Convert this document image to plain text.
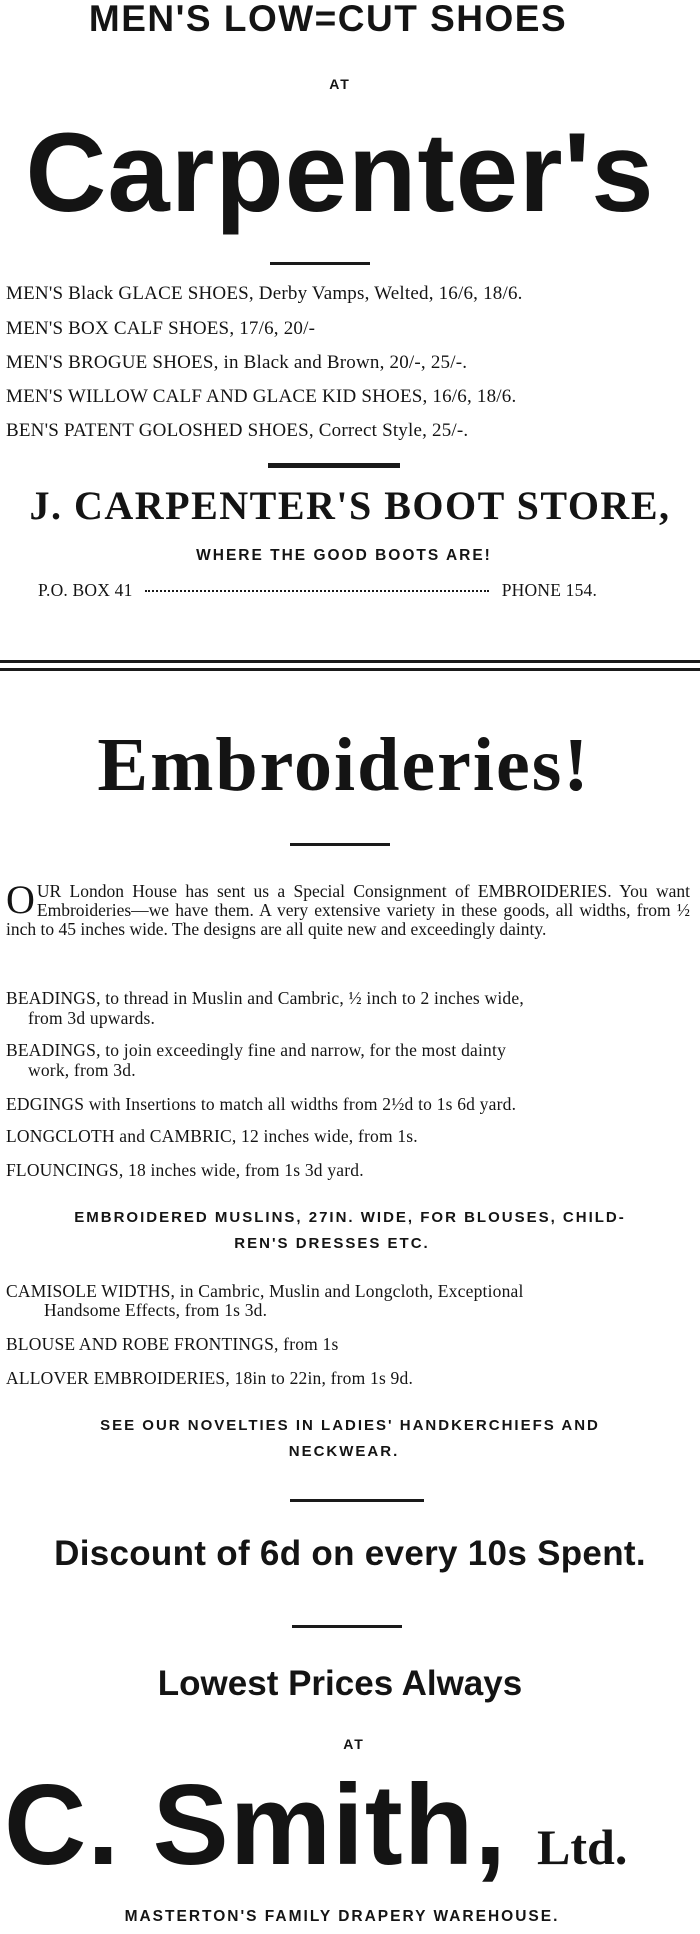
MEN'S LOW=CUT SHOES
AT
Carpenter's
MEN'S Black GLACE SHOES, Derby Vamps, Welted, 16/6, 18/6.
MEN'S BOX CALF SHOES, 17/6, 20/-
MEN'S BROGUE SHOES, in Black and Brown, 20/-, 25/-.
MEN'S WILLOW CALF AND GLACE KID SHOES, 16/6, 18/6.
BEN'S PATENT GOLOSHED SHOES, Correct Style, 25/-.
J. CARPENTER'S BOOT STORE,
WHERE THE GOOD BOOTS ARE!
P.O. BOX 41	PHONE 154.
Embroideries!
OUR London House has sent us a Special Consignment of EMBROIDERIES. You want Embroideries—we have them. A very extensive variety in these goods, all widths, from ½ inch to 45 inches wide. The designs are all quite new and exceedingly dainty.
BEADINGS, to thread in Muslin and Cambric, ½ inch to 2 inches wide,
from 3d upwards.
BEADINGS, to join exceedingly fine and narrow, for the most dainty
work, from 3d.
EDGINGS with Insertions to match all widths from 2½d to 1s 6d yard.
LONGCLOTH and CAMBRIC, 12 inches wide, from 1s.
FLOUNCINGS, 18 inches wide, from 1s 3d yard.
EMBROIDERED MUSLINS, 27IN. WIDE, FOR BLOUSES, CHILD-
REN'S DRESSES ETC.
CAMISOLE WIDTHS, in Cambric, Muslin and Longcloth, Exceptional
Handsome Effects, from 1s 3d.
BLOUSE AND ROBE FRONTINGS, from 1s
ALLOVER EMBROIDERIES, 18in to 22in, from 1s 9d.
SEE OUR NOVELTIES IN LADIES' HANDKERCHIEFS AND
NECKWEAR.
Discount of 6d on every 10s Spent.
Lowest Prices Always
AT
C. Smith, Ltd.
MASTERTON'S FAMILY DRAPERY WAREHOUSE.
